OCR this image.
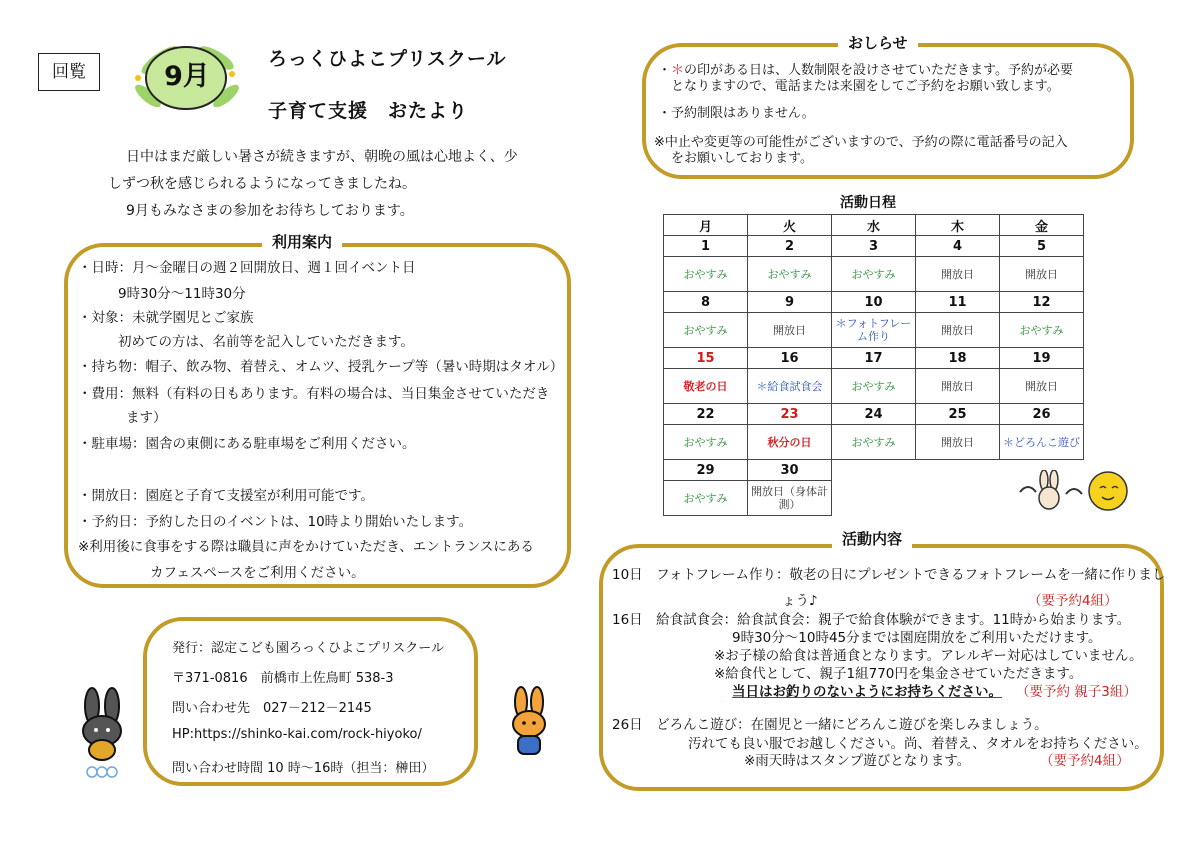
回覧	9月
ろっくひよこプリスクール
子育て支援　おたより
日中はまだ厳しい暑さが続きますが、朝晩の風は心地よく、少
しずつ秋を感じられるようになってきましたね。
9月もみなさまの参加をお待ちしております。
利用案内
・日時：月～金曜日の週２回開放日、週１回イベント日
9時30分～11時30分
・対象：未就学園児とご家族
初めての方は、名前等を記入していただきます。
・持ち物：帽子、飲み物、着替え、オムツ、授乳ケープ等（暑い時期はタオル）
・費用：無料（有料の日もあります。有料の場合は、当日集金させていただき
ます）
・駐車場：園舎の東側にある駐車場をご利用ください。
・開放日：園庭と子育て支援室が利用可能です。
・予約日：予約した日のイベントは、10時より開始いたします。
※利用後に食事をする際は職員に声をかけていただき、エントランスにある
カフェスペースをご利用ください。
発行：認定こども園ろっくひよこプリスクール
〒371-0816　前橋市上佐鳥町 538-3
問い合わせ先　027－212－2145
HP:https://shinko-kai.com/rock-hiyoko/
問い合わせ時間 10 時～16時（担当：榊田）
おしらせ
・＊の印がある日は、人数制限を設けさせていただきます。予約が必要
となりますので、電話または来園をしてご予約をお願い致します。
・予約制限はありません。
※中止や変更等の可能性がございますので、予約の際に電話番号の記入
をお願いしております。
活動日程
月	火	水	木	金
1	2	3	4	5
おやすみ	おやすみ	おやすみ	開放日	開放日
8	9	10	11	12
おやすみ	開放日	＊フォトフレー ム作り	開放日	おやすみ
15	16	17	18	19
敬老の日	＊給食試食会	おやすみ	開放日	開放日
22	23	24	25	26
おやすみ	秋分の日	おやすみ	開放日	＊どろんこ遊び
29	30			
おやすみ	開放日（身体計 測）			
活動内容
10日　フォトフレーム作り：敬老の日にプレゼントできるフォトフレームを一緒に作りまし
ょう♪	（要予約4組）
16日　給食試食会：給食試食会：親子で給食体験ができます。11時から始まります。
9時30分～10時45分までは園庭開放をご利用いただけます。
※お子様の給食は普通食となります。アレルギー対応はしていません。
※給食代として、親子1組770円を集金させていただきます。
当日はお釣りのないようにお持ちください。 （要予約 親子3組）
26日　どろんこ遊び：在園児と一緒にどろんこ遊びを楽しみましょう。
汚れても良い服でお越しください。尚、着替え、タオルをお持ちください。
※雨天時はスタンプ遊びとなります。	（要予約4組）
